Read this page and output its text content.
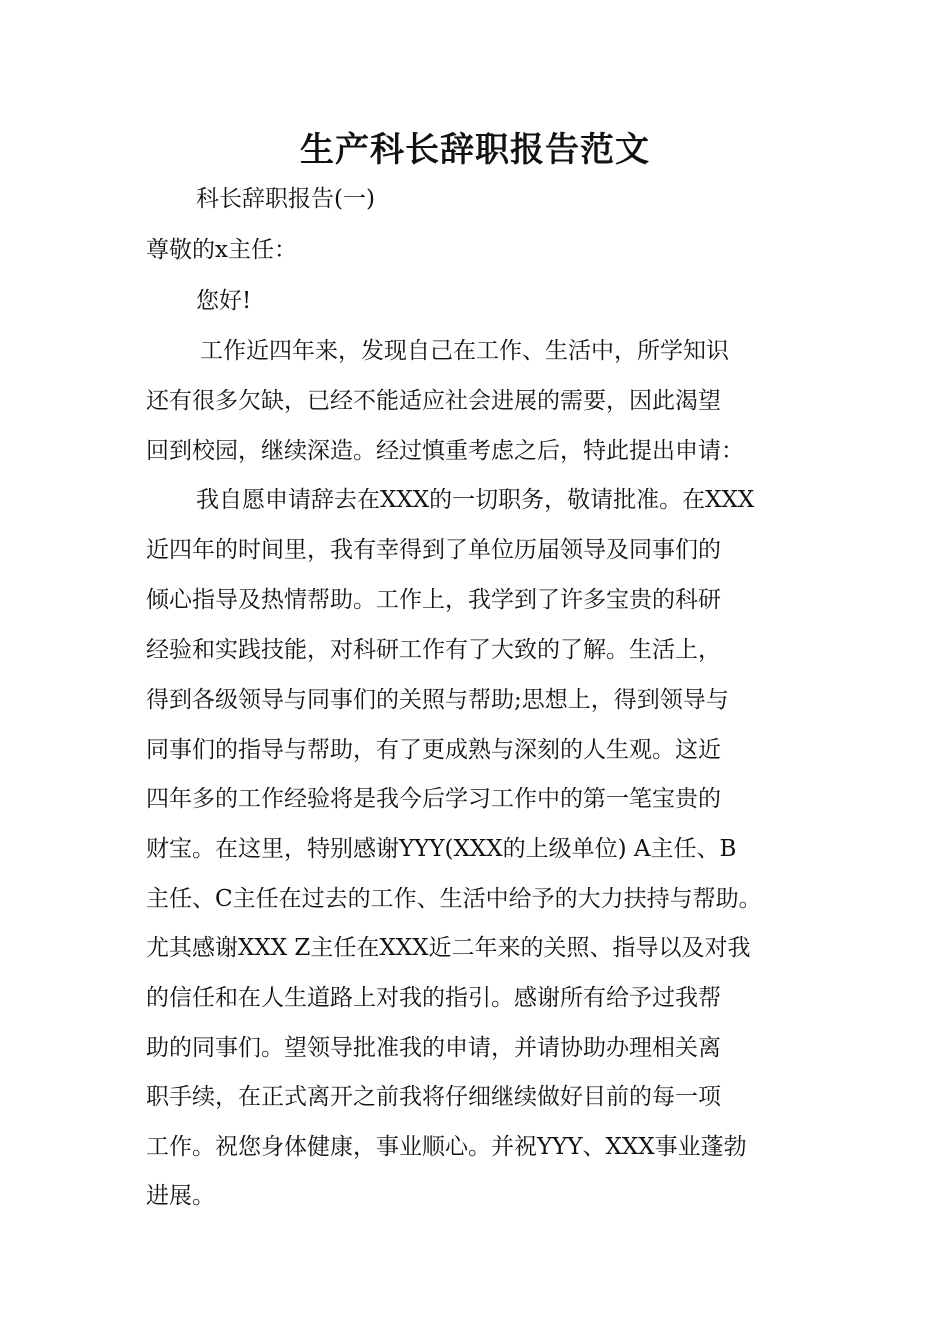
生产科长辞职报告范文

科长辞职报告(一)

尊敬的x主任：

您好!

工作近四年来，发现自己在工作、生活中，所学知识

还有很多欠缺，已经不能适应社会进展的需要，因此渴望

回到校园，继续深造。经过慎重考虑之后，特此提出申请：

我自愿申请辞去在XXX的一切职务，敬请批准。在XXX

近四年的时间里，我有幸得到了单位历届领导及同事们的

倾心指导及热情帮助。工作上，我学到了许多宝贵的科研

经验和实践技能，对科研工作有了大致的了解。生活上，

得到各级领导与同事们的关照与帮助;思想上，得到领导与

同事们的指导与帮助，有了更成熟与深刻的人生观。这近

四年多的工作经验将是我今后学习工作中的第一笔宝贵的

财宝。在这里，特别感谢YYY(XXX的上级单位) A主任、B

主任、C主任在过去的工作、生活中给予的大力扶持与帮助。

尤其感谢XXX Z主任在XXX近二年来的关照、指导以及对我

的信任和在人生道路上对我的指引。感谢所有给予过我帮

助的同事们。望领导批准我的申请，并请协助办理相关离

职手续，在正式离开之前我将仔细继续做好目前的每一项

工作。祝您身体健康，事业顺心。并祝YYY、XXX事业蓬勃

进展。
